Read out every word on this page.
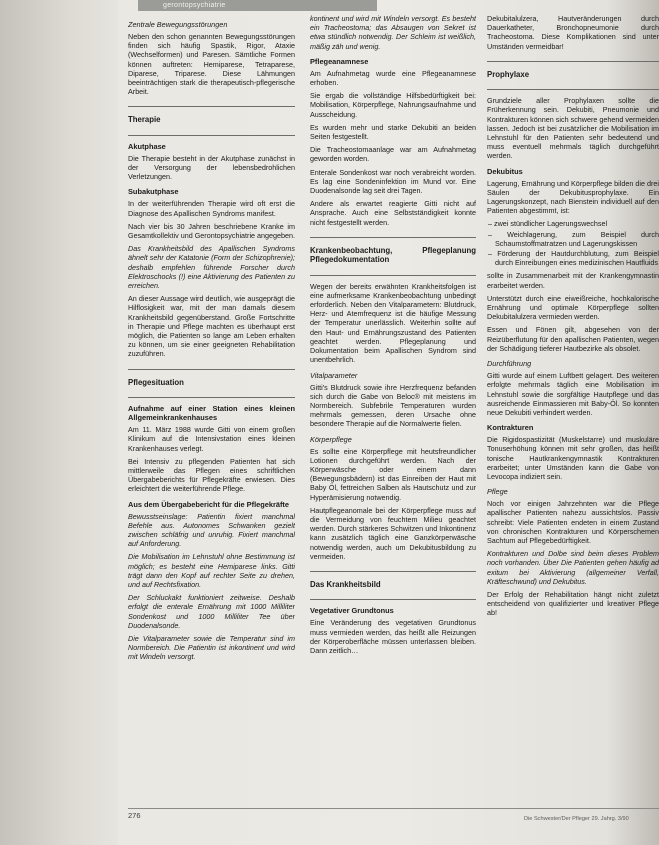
gerontopsychiatrie
Zentrale Bewegungsstörungen

Neben den schon genannten Bewegungsstörungen finden sich häufig Spastik, Rigor, Ataxie (Wechselformen) und Paresen. Sämtliche Formen können auftreten: Hemiparese, Tetraparese, Diparese, Triparese. Diese Lähmungen beeinträchtigen stark die therapeutisch-pflegerische Arbeit.

Therapie
Akutphase

Die Therapie besteht in der Akutphase zunächst in der Versorgung der lebensbedrohlichen Verletzungen.

Subakutphase

In der weiterführenden Therapie wird oft erst die Diagnose des Apallischen Syndroms manifest.

Nach vier bis 30 Jahren beschriebene Kranke im Gesamtkollektiv und Gerontopsychiatrie angegeben.

Das Krankheitsbild des Apallischen Syndroms ähnelt sehr der Katatonie (Form der Schizophrenie); deshalb empfehlen führende Forscher durch Elektroschocks (!) eine Aktivierung des Patienten zu erreichen.

An dieser Aussage wird deutlich, wie ausgeprägt die Hilflosigkeit war, mit der man damals diesem Krankheitsbild gegenüberstand. Große Fortschritte in Therapie und Pflege machten es überhaupt erst möglich, die Patienten so lange am Leben erhalten zu können, um sie einer geeigneten Rehabilitation zuzuführen.

Pflegesituation
Aufnahme auf einer Station eines kleinen Allgemeinkrankenhauses

Am 11. März 1988 wurde Gitti von einem großen Klinikum auf die Intensivstation eines kleinen Krankenhauses verlegt.

Bei Intensiv zu pflegenden Patienten hat sich mittlerweile das Pflegen eines schriftlichen Übergabeberichts für Pflegekräfte erwiesen. Dies erleichtert die weiterführende Pflege.

Aus dem Übergabebericht für die Pflegekräfte

Bewusstseinslage: Patientin fixiert manchmal Befehle aus. Autonomes Schwanken gezielt zwischen schläfrig und unruhig. Fixiert manchmal auf Anforderung.

Die Mobilisation im Lehnstuhl ohne Bestimmung ist möglich; es besteht eine Hemiparese links. Gitti trägt dann den Kopf auf rechter Seite zu drehen, und auf Rechtsfixation.

Der Schluckakt funktioniert zeitweise. Deshalb erfolgt die enterale Ernährung mit 1000 Milliliter Sondenkost und 1000 Milliliter Tee über Duodenalsonde.

Die Vitalparameter sowie die Temperatur sind im Normbereich. Die Patientin ist inkontinent und wird mit Windeln versorgt.

kontinent und wird mit Windeln versorgt. Es besteht ein Tracheostoma; das Absaugen von Sekret ist etwa stündlich notwendig. Der Schleim ist weißlich, mäßig zäh und wenig.

Pflegeanamnese

Am Aufnahmetag wurde eine Pflegeanamnese erhoben.

Sie ergab die vollständige Hilfsbedürftigkeit bei: Mobilisation, Körperpflege, Nahrungsaufnahme und Ausscheidung.

Es wurden mehr und starke Dekubiti an beiden Seiten festgestellt.

Die Tracheostomaanlage war am Aufnahmetag geworden worden.

Enterale Sondenkost war noch verabreicht worden. Es lag eine Sondeninfektion im Mund vor. Eine Duodenalsonde lag seit drei Tagen.

Andere als erwartet reagierte Gitti nicht auf Ansprache. Auch eine Selbstständigkeit konnte nicht festgestellt werden.

Krankenbeobachtung, Pflegeplanung Pflegedokumentation

Wegen der bereits erwähnten Krankheitsfolgen ist eine aufmerksame Krankenbeobachtung unbedingt erforderlich. Neben den Vitalparametern: Blutdruck, Herz- und Atemfrequenz ist die häufige Messung der Temperatur unerlässlich. Weiterhin sollte auf den Haut- und Ernährungszustand des Patienten geachtet werden. Pflegeplanung und Dokumentation beim Apallischen Syndrom sind unentbehrlich.

Vitalparameter

Gitti's Blutdruck sowie ihre Herzfrequenz befanden sich durch die Gabe von Beloc® mit meistens im Normbereich. Subfebrile Temperaturen wurden mehrmals gemessen, deren Ursache ohne besondere Therapie auf die Normalwerte fielen.

Körperpflege

Es sollte eine Körperpflege mit heutsfreundlicher Lotionen durchgeführt werden. Nach der Körperwäsche oder einem dann (Bewegungsbädern) ist das Einreiben der Haut mit Baby Öl, fettreichen Salben als Hautschutz und zur Hyperämisierung notwendig.

Hautpflegeanomale bei der Körperpflege muss auf die Vermeidung von feuchtem Milieu geachtet werden. Durch stärkeres Schwitzen und Inkontinenz kann zusätzlich täglich eine Ganzkörperwäsche notwendig werden, auch um Dekubitusbildung zu vermeiden.

Das Krankheitsbild
Vegetativer Grundtonus

Eine Veränderung des vegetativen Grundtonus muss vermieden werden, das heißt alle Reizungen der Körperoberfläche müssen unterlassen bleiben. Dann zeitlich…

Dekubitalulzera, Hautveränderungen durch Dauerkatheter, Bronchopneumonie durch Tracheostoma. Diese Komplikationen sind unter Umständen vermeidbar!

Prophylaxe

Grundziele aller Prophylaxen sollte die Früherkennung sein. Dekubiti, Pneumonie und Kontrakturen können sich schwere gehend vermeiden lassen. Jedoch ist bei zusätzlicher die Mobilisation im Lehnstuhl für den Patienten sehr bedeutend und muss eventuell mehrmals täglich durchgeführt werden.

Dekubitus

Lagerung, Ernährung und Körperpflege bilden die drei Säulen der Dekubitusprophylaxe. Ein Lagerungskonzept, nach Bienstein individuell auf den Patienten abgestimmt, ist:

– zwei stündlicher Lagerungswechsel
– Weichlagerung, zum Beispiel durch Schaumstoffmatratzen und Lagerungskissen
– Förderung der Hautdurchblutung, zum Beispiel durch Einreibungen eines medizinischen Hautfluids

sollte in Zusammenarbeit mit der Krankengymnastin erarbeitet werden.

Unterstützt durch eine eiweißreiche, hochkalorische Ernährung und optimale Körperpflege sollten Dekubitalulzera vermieden werden.

Essen und Fönen gilt, abgesehen von der Reizüberflutung für den apallischen Patienten, wegen der Schädigung tieferer Hautbezirke als obsolet.

Durchführung

Gitti wurde auf einem Luftbett gelagert. Des weiteren erfolgte mehrmals täglich eine Mobilisation im Lehnstuhl sowie die sorgfältige Hautpflege und das ausreichende Einmassieren mit Baby-Öl. So konnten neue Dekubiti verhindert werden.

Kontrakturen

Die Rigidospastizität (Muskelstarre) und muskuläre Tonuserhöhung können mit sehr großen, das heißt tonische Hautkrankengymnastik Kontrakturen erarbeitet; unter Umständen kann die Gabe von Levocopa indiziert sein.

Pflege

Noch vor einigen Jahrzehnten war die Pflege apallischer Patienten nahezu aussichtslos. Passiv schreibt: Viele Patienten endeten in einem Zustand von chronischen Kontrakturen und Körperschemen Sachtum auf Pflegebedürftigkeit.

Kontrakturen und Dolbe sind beim dieses Problem noch vorhanden. Über Die Patienten gehen häufig ad exitum bei Aktivierung (allgemeiner Verfall, Kräfteschwund) und Dekubitus.

Der Erfolg der Rehabilitation hängt nicht zuletzt entscheidend von qualifizierter und kreativer Pflege ab!

276	Die Schwester/Der Pfleger 29. Jahrg. 3/90
